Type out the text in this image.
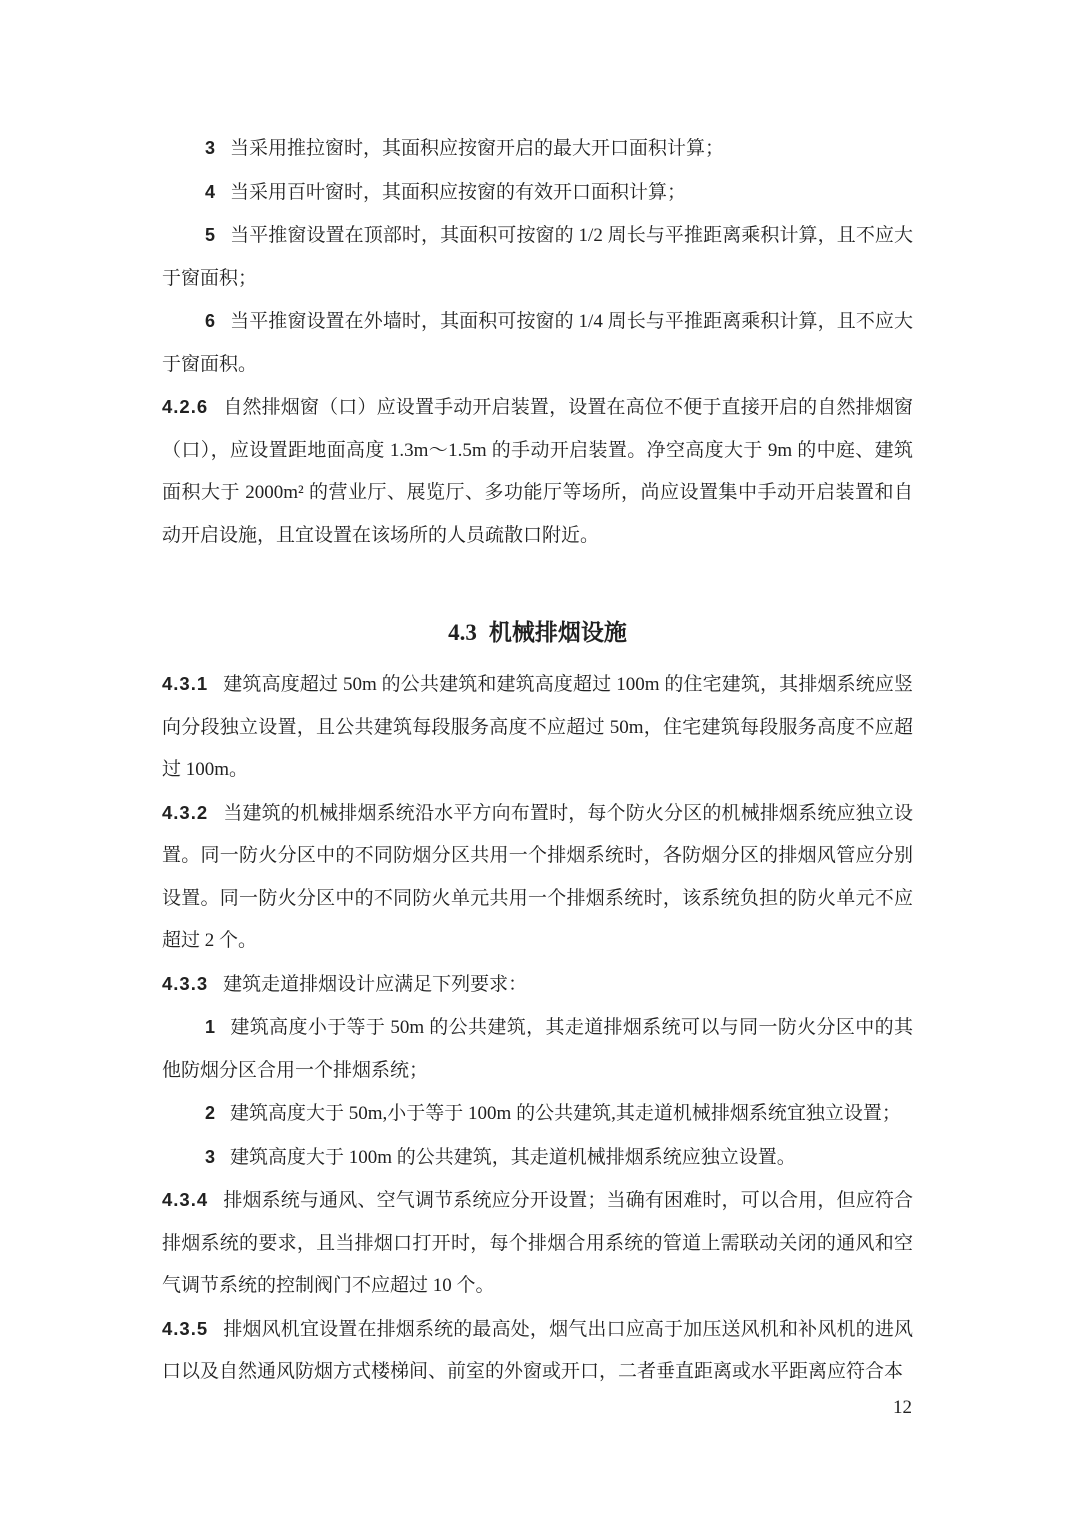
3 当采用推拉窗时，其面积应按窗开启的最大开口面积计算；

4 当采用百叶窗时，其面积应按窗的有效开口面积计算；

5 当平推窗设置在顶部时，其面积可按窗的 1/2 周长与平推距离乘积计算，且不应大于窗面积；

6 当平推窗设置在外墙时，其面积可按窗的 1/4 周长与平推距离乘积计算，且不应大于窗面积。

4.2.6 自然排烟窗（口）应设置手动开启装置，设置在高位不便于直接开启的自然排烟窗（口），应设置距地面高度 1.3m～1.5m 的手动开启装置。净空高度大于 9m 的中庭、建筑面积大于 2000m² 的营业厅、展览厅、多功能厅等场所，尚应设置集中手动开启装置和自动开启设施，且宜设置在该场所的人员疏散口附近。

4.3 机械排烟设施

4.3.1 建筑高度超过 50m 的公共建筑和建筑高度超过 100m 的住宅建筑，其排烟系统应竖向分段独立设置，且公共建筑每段服务高度不应超过 50m，住宅建筑每段服务高度不应超过 100m。

4.3.2 当建筑的机械排烟系统沿水平方向布置时，每个防火分区的机械排烟系统应独立设置。同一防火分区中的不同防烟分区共用一个排烟系统时，各防烟分区的排烟风管应分别设置。同一防火分区中的不同防火单元共用一个排烟系统时，该系统负担的防火单元不应超过 2 个。

4.3.3 建筑走道排烟设计应满足下列要求：

1 建筑高度小于等于 50m 的公共建筑，其走道排烟系统可以与同一防火分区中的其他防烟分区合用一个排烟系统；

2 建筑高度大于 50m,小于等于 100m 的公共建筑,其走道机械排烟系统宜独立设置；

3 建筑高度大于 100m 的公共建筑，其走道机械排烟系统应独立设置。

4.3.4 排烟系统与通风、空气调节系统应分开设置；当确有困难时，可以合用，但应符合排烟系统的要求，且当排烟口打开时，每个排烟合用系统的管道上需联动关闭的通风和空气调节系统的控制阀门不应超过 10 个。

4.3.5 排烟风机宜设置在排烟系统的最高处，烟气出口应高于加压送风机和补风机的进风口以及自然通风防烟方式楼梯间、前室的外窗或开口，二者垂直距离或水平距离应符合本

12
